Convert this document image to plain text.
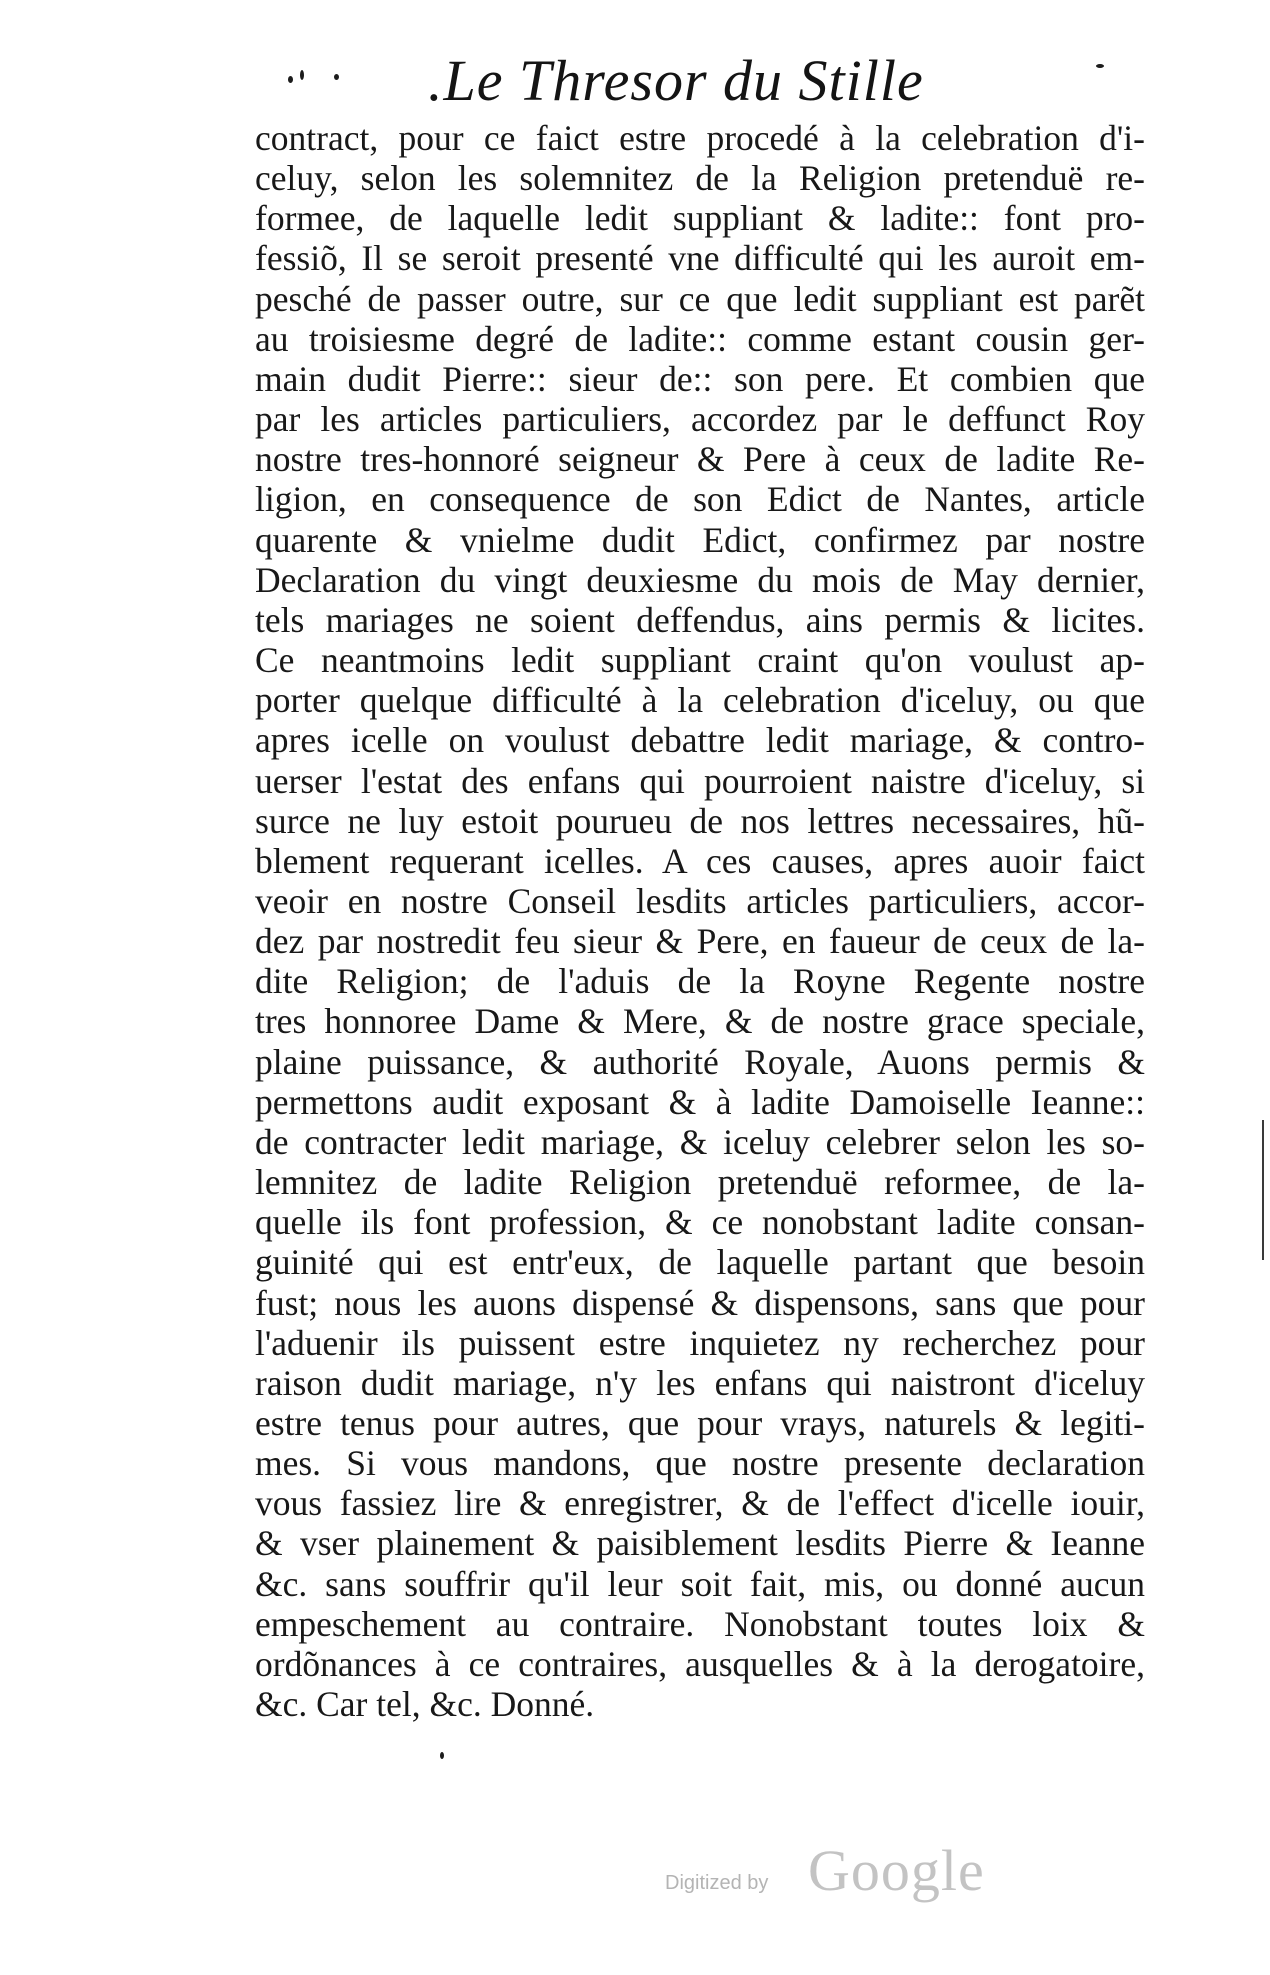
.Le Thresor du Stille
contract, pour ce faict estre procedé à la celebration d'i-
celuy, selon les solemnitez de la Religion pretenduë re-
formee, de laquelle ledit suppliant & ladite:: font pro-
fessiõ, Il se seroit presenté vne difficulté qui les auroit em-
pesché de passer outre, sur ce que ledit suppliant est parẽt
au troisiesme degré de ladite:: comme estant cousin ger-
main dudit Pierre:: sieur de:: son pere. Et combien que
par les articles particuliers, accordez par le deffunct Roy
nostre tres-honnoré seigneur & Pere à ceux de ladite Re-
ligion, en consequence de son Edict de Nantes, article
quarente & vnielme dudit Edict, confirmez par nostre
Declaration du vingt deuxiesme du mois de May dernier,
tels mariages ne soient deffendus, ains permis & licites.
Ce neantmoins ledit suppliant craint qu'on voulust ap-
porter quelque difficulté à la celebration d'iceluy, ou que
apres icelle on voulust debattre ledit mariage, & contro-
uerser l'estat des enfans qui pourroient naistre d'iceluy, si
surce ne luy estoit pourueu de nos lettres necessaires, hũ-
blement requerant icelles. A ces causes, apres auoir faict
veoir en nostre Conseil lesdits articles particuliers, accor-
dez par nostredit feu sieur & Pere, en faueur de ceux de la-
dite Religion; de l'aduis de la Royne Regente nostre
tres honnoree Dame & Mere, & de nostre grace speciale,
plaine puissance, & authorité Royale, Auons permis &
permettons audit exposant & à ladite Damoiselle Ieanne::
de contracter ledit mariage, & iceluy celebrer selon les so-
lemnitez de ladite Religion pretenduë reformee, de la-
quelle ils font profession, & ce nonobstant ladite consan-
guinité qui est entr'eux, de laquelle partant que besoin
fust; nous les auons dispensé & dispensons, sans que pour
l'aduenir ils puissent estre inquietez ny recherchez pour
raison dudit mariage, n'y les enfans qui naistront d'iceluy
estre tenus pour autres, que pour vrays, naturels & legiti-
mes. Si vous mandons, que nostre presente declaration
vous fassiez lire & enregistrer, & de l'effect d'icelle iouir,
& vser plainement & paisiblement lesdits Pierre & Ieanne
&c. sans souffrir qu'il leur soit fait, mis, ou donné aucun
empeschement au contraire. Nonobstant toutes loix &
ordõnances à ce contraires, ausquelles & à la derogatoire,
&c. Car tel, &c. Donné.
Digitized by Google
